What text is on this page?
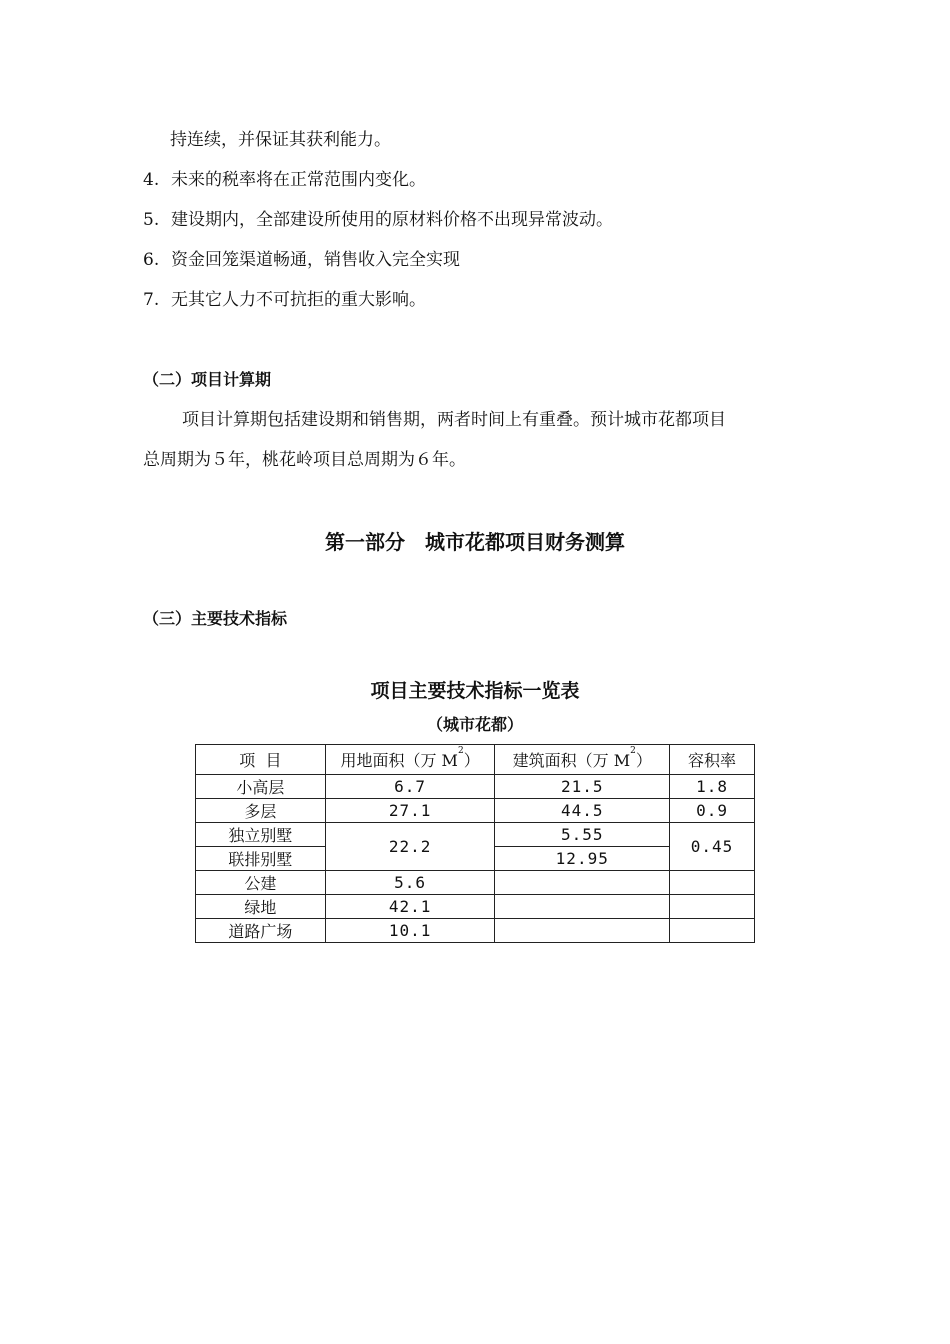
持连续，并保证其获利能力。
4. 未来的税率将在正常范围内变化。
5. 建设期内，全部建设所使用的原材料价格不出现异常波动。
6. 资金回笼渠道畅通，销售收入完全实现
7. 无其它人力不可抗拒的重大影响。
（二）项目计算期
项目计算期包括建设期和销售期，两者时间上有重叠。预计城市花都项目
总周期为５年，桃花岭项目总周期为６年。
第一部分　城市花都项目财务测算
（三）主要技术指标
项目主要技术指标一览表
（城市花都）
项  目	用地面积（万 $M^2$）	建筑面积（万 $M^2$）	容积率
小高层	6.7	21.5	1.8
多层	27.1	44.5	0.9
独立别墅	22.2	5.55	0.45
联排别墅		12.95	
公建	5.6		
绿地	42.1		
道路广场	10.1		
